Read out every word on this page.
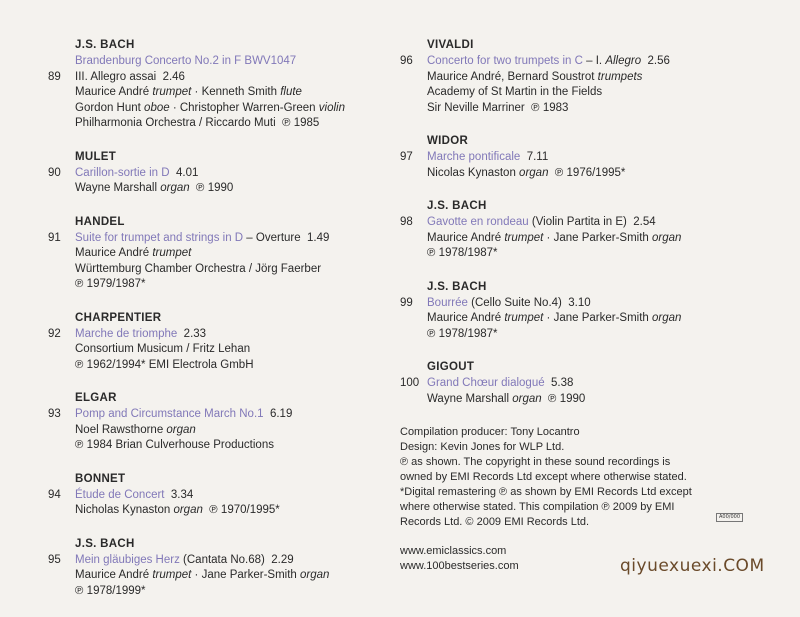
J.S. BACH
89
Brandenburg Concerto No.2 in F BWV1047
III. Allegro assai  2.46
Maurice André trumpet · Kenneth Smith flute
Gordon Hunt oboe · Christopher Warren-Green violin
Philharmonia Orchestra / Riccardo Muti  ℗ 1985
MULET
90 Carillon-sortie in D  4.01
Wayne Marshall organ  ℗ 1990
HANDEL
91 Suite for trumpet and strings in D – Overture  1.49
Maurice André trumpet
Württemburg Chamber Orchestra / Jörg Faerber
℗ 1979/1987*
CHARPENTIER
92 Marche de triomphe  2.33
Consortium Musicum / Fritz Lehan
℗ 1962/1994* EMI Electrola GmbH
ELGAR
93 Pomp and Circumstance March No.1  6.19
Noel Rawsthorne organ
℗ 1984 Brian Culverhouse Productions
BONNET
94 Étude de Concert  3.34
Nicholas Kynaston organ  ℗ 1970/1995*
J.S. BACH
95 Mein gläubiges Herz (Cantata No.68)  2.29
Maurice André trumpet · Jane Parker-Smith organ
℗ 1978/1999*
VIVALDI
96 Concerto for two trumpets in C – I. Allegro  2.56
Maurice André, Bernard Soustrot trumpets
Academy of St Martin in the Fields
Sir Neville Marriner  ℗ 1983
WIDOR
97 Marche pontificale  7.11
Nicolas Kynaston organ  ℗ 1976/1995*
J.S. BACH
98 Gavotte en rondeau (Violin Partita in E)  2.54
Maurice André trumpet · Jane Parker-Smith organ
℗ 1978/1987*
J.S. BACH
99 Bourrée (Cello Suite No.4)  3.10
Maurice André trumpet · Jane Parker-Smith organ
℗ 1978/1987*
GIGOUT
100 Grand Chœur dialogué  5.38
Wayne Marshall organ  ℗ 1990
Compilation producer: Tony Locantro
Design: Kevin Jones for WLP Ltd.
℗ as shown. The copyright in these sound recordings is
owned by EMI Records Ltd except where otherwise stated.
*Digital remastering ℗ as shown by EMI Records Ltd except
where otherwise stated. This compilation ℗ 2009 by EMI
Records Ltd. © 2009 EMI Records Ltd.
www.emiclassics.com
www.100bestseries.com
A00/000
qiyuexuexi.COM
